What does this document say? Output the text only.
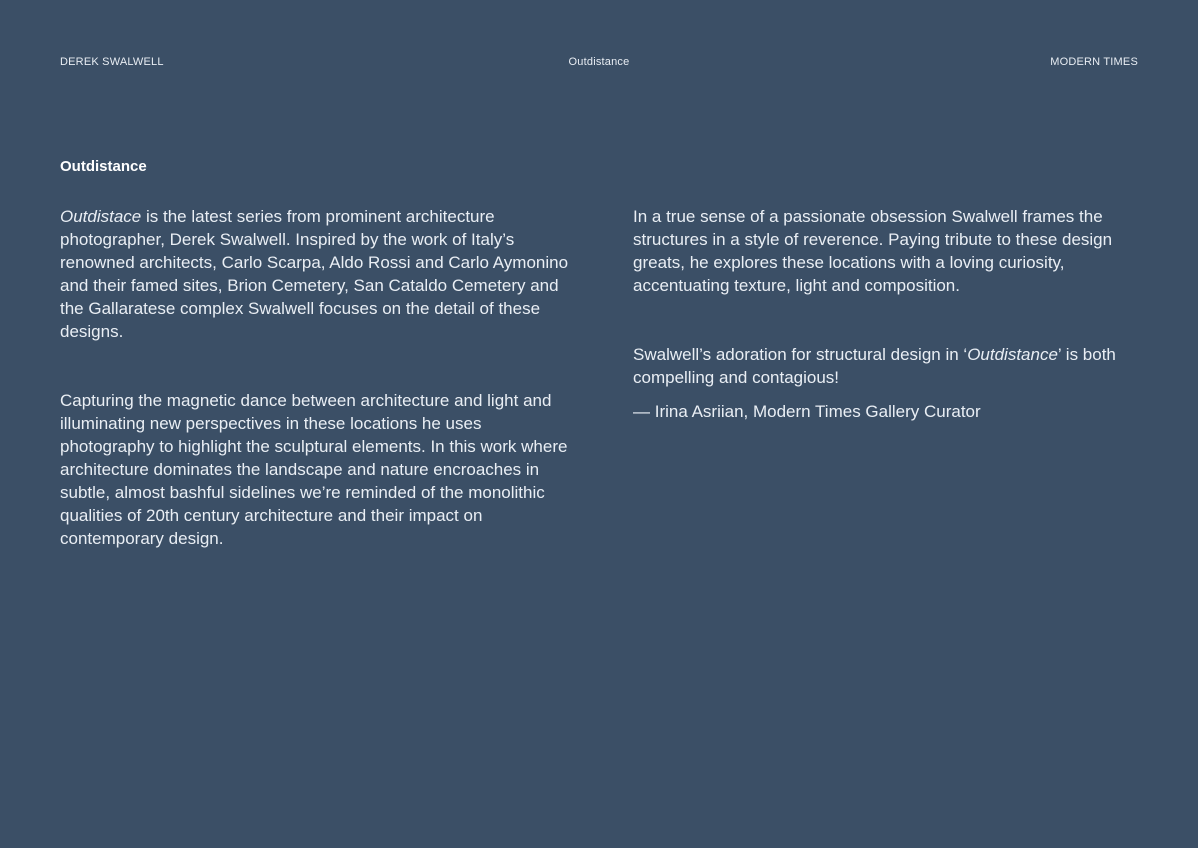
DEREK SWALWELL	Outdistance	MODERN TIMES
Outdistance

Outdistace is the latest series from prominent architecture photographer, Derek Swalwell. Inspired by the work of Italy’s renowned architects, Carlo Scarpa, Aldo Rossi and Carlo Aymonino and their famed sites, Brion Cemetery, San Cataldo Cemetery and the Gallaratese complex Swalwell focuses on the detail of these designs.

Capturing the magnetic dance between architecture and light and illuminating new perspectives in these locations he uses photography to highlight the sculptural elements. In this work where architecture dominates the landscape and nature encroaches in subtle, almost bashful sidelines we’re reminded of the monolithic qualities of 20th century architecture and their impact on contemporary design.

In a true sense of a passionate obsession Swalwell frames the structures in a style of reverence. Paying tribute to these design greats, he explores these locations with a loving curiosity, accentuating texture, light and composition.

Swalwell’s adoration for structural design in ‘Outdistance’ is both compelling and contagious!

— Irina Asriian, Modern Times Gallery Curator
